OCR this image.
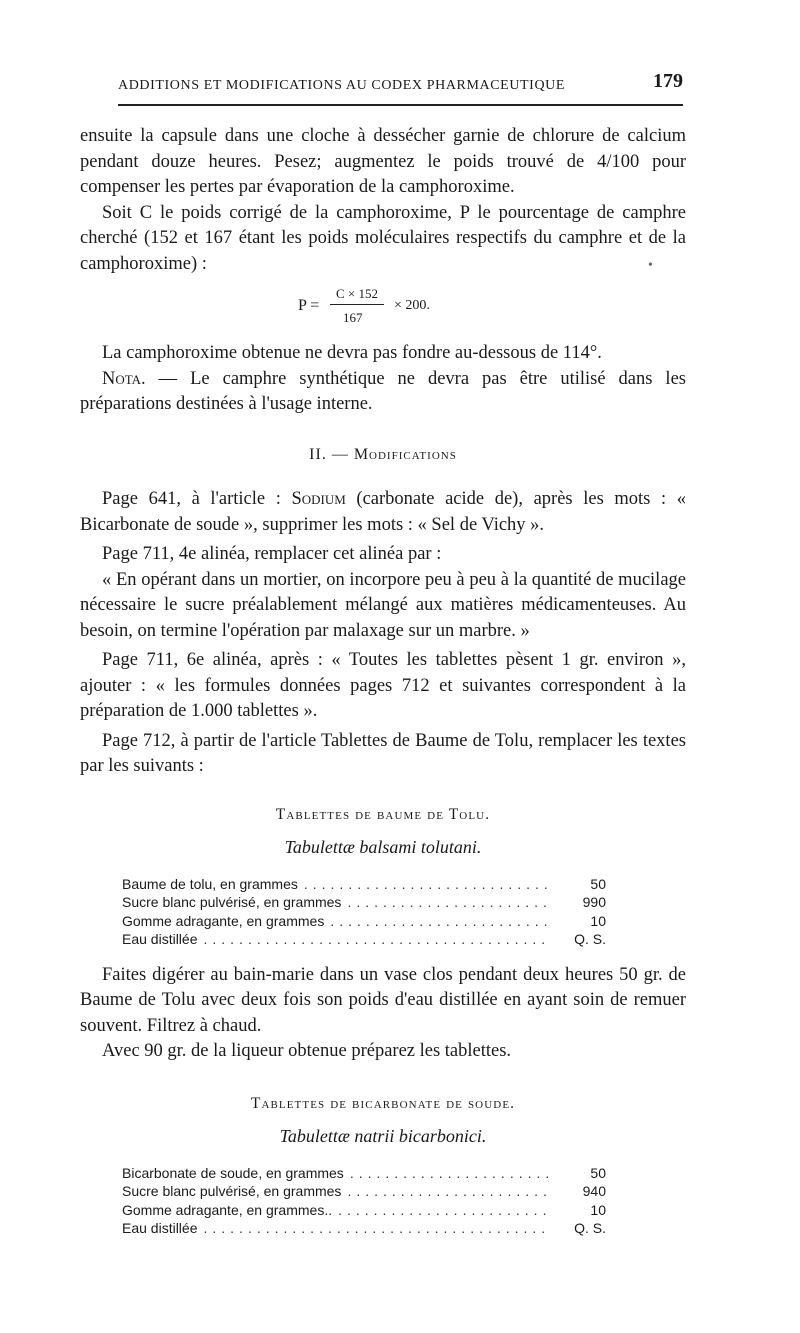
ADDITIONS ET MODIFICATIONS AU CODEX PHARMACEUTIQUE	179
•

ensuite la capsule dans une cloche à dessécher garnie de chlorure de calcium pendant douze heures. Pesez; augmentez le poids trouvé de 4/100 pour compenser les pertes par évaporation de la camphoroxime.

Soit C le poids corrigé de la camphoroxime, P le pourcentage de camphre cherché (152 et 167 étant les poids moléculaires respectifs du camphre et de la camphoroxime) :

P =
C × 152
167
× 200.

La camphoroxime obtenue ne devra pas fondre au-dessous de 114°.

Nota. — Le camphre synthétique ne devra pas être utilisé dans les préparations destinées à l'usage interne.

II. — Modifications

Page 641, à l'article : Sodium (carbonate acide de), après les mots : « Bicarbonate de soude », supprimer les mots : « Sel de Vichy ».

Page 711, 4e alinéa, remplacer cet alinéa par :

« En opérant dans un mortier, on incorpore peu à peu à la quantité de mucilage nécessaire le sucre préalablement mélangé aux matières médicamenteuses. Au besoin, on termine l'opération par malaxage sur un marbre. »

Page 711, 6e alinéa, après : « Toutes les tablettes pèsent 1 gr. environ », ajouter : « les formules données pages 712 et suivantes correspondent à la préparation de 1.000 tablettes ».

Page 712, à partir de l'article Tablettes de Baume de Tolu, remplacer les textes par les suivants :

Tablettes de baume de Tolu.
Tabulettæ balsami tolutani.
Baume de tolu, en grammes .....	50
Sucre blanc pulvérisé, en grammes .....	990
Gomme adragante, en grammes .....	10
Eau distillée .....	Q. S.

Faites digérer au bain-marie dans un vase clos pendant deux heures 50 gr. de Baume de Tolu avec deux fois son poids d'eau distillée en ayant soin de remuer souvent. Filtrez à chaud.

Avec 90 gr. de la liqueur obtenue préparez les tablettes.

Tablettes de bicarbonate de soude.
Tabulettæ natrii bicarbonici.
Bicarbonate de soude, en grammes .....	50
Sucre blanc pulvérisé, en grammes .....	940
Gomme adragante, en grammes.. .....	10
Eau distillée .....	Q. S.
